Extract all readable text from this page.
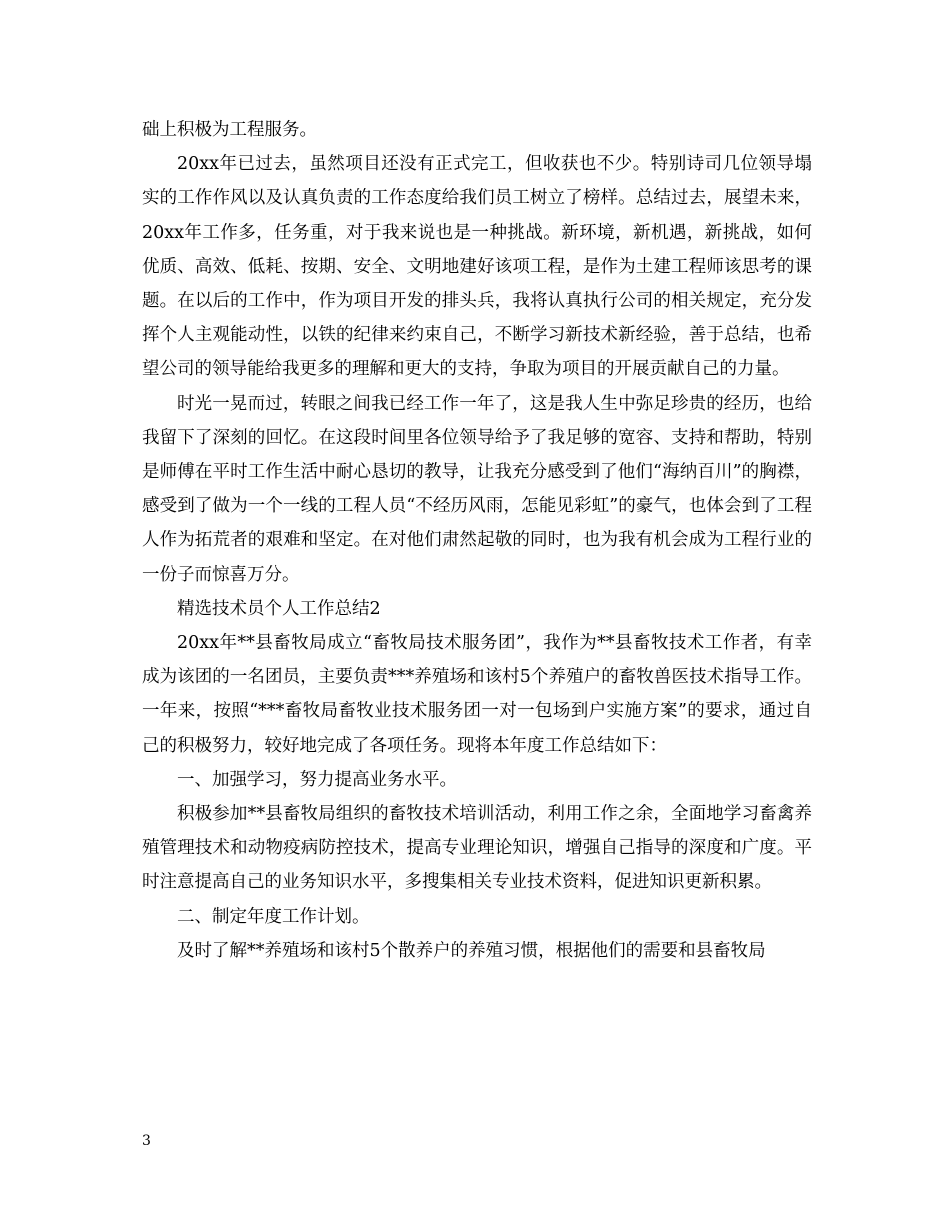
础上积极为工程服务。

20xx年已过去，虽然项目还没有正式完工，但收获也不少。特别诗司几位领导塌实的工作作风以及认真负责的工作态度给我们员工树立了榜样。总结过去，展望未来，20xx年工作多，任务重，对于我来说也是一种挑战。新环境，新机遇，新挑战，如何优质、高效、低耗、按期、安全、文明地建好该项工程，是作为土建工程师该思考的课题。在以后的工作中，作为项目开发的排头兵，我将认真执行公司的相关规定，充分发挥个人主观能动性，以铁的纪律来约束自己，不断学习新技术新经验，善于总结，也希望公司的领导能给我更多的理解和更大的支持，争取为项目的开展贡献自己的力量。

时光一晃而过，转眼之间我已经工作一年了，这是我人生中弥足珍贵的经历，也给我留下了深刻的回忆。在这段时间里各位领导给予了我足够的宽容、支持和帮助，特别是师傅在平时工作生活中耐心恳切的教导，让我充分感受到了他们“海纳百川”的胸襟，感受到了做为一个一线的工程人员“不经历风雨，怎能见彩虹”的豪气，也体会到了工程人作为拓荒者的艰难和坚定。在对他们肃然起敬的同时，也为我有机会成为工程行业的一份子而惊喜万分。

精选技术员个人工作总结2

20xx年**县畜牧局成立“畜牧局技术服务团”，我作为**县畜牧技术工作者，有幸成为该团的一名团员，主要负责***养殖场和该村5个养殖户的畜牧兽医技术指导工作。一年来，按照“***畜牧局畜牧业技术服务团一对一包场到户实施方案”的要求，通过自己的积极努力，较好地完成了各项任务。现将本年度工作总结如下：

一、加强学习，努力提高业务水平。

积极参加**县畜牧局组织的畜牧技术培训活动，利用工作之余，全面地学习畜禽养殖管理技术和动物疫病防控技术，提高专业理论知识，增强自己指导的深度和广度。平时注意提高自己的业务知识水平，多搜集相关专业技术资料，促进知识更新积累。

二、制定年度工作计划。

及时了解**养殖场和该村5个散养户的养殖习惯，根据他们的需要和县畜牧局

3
